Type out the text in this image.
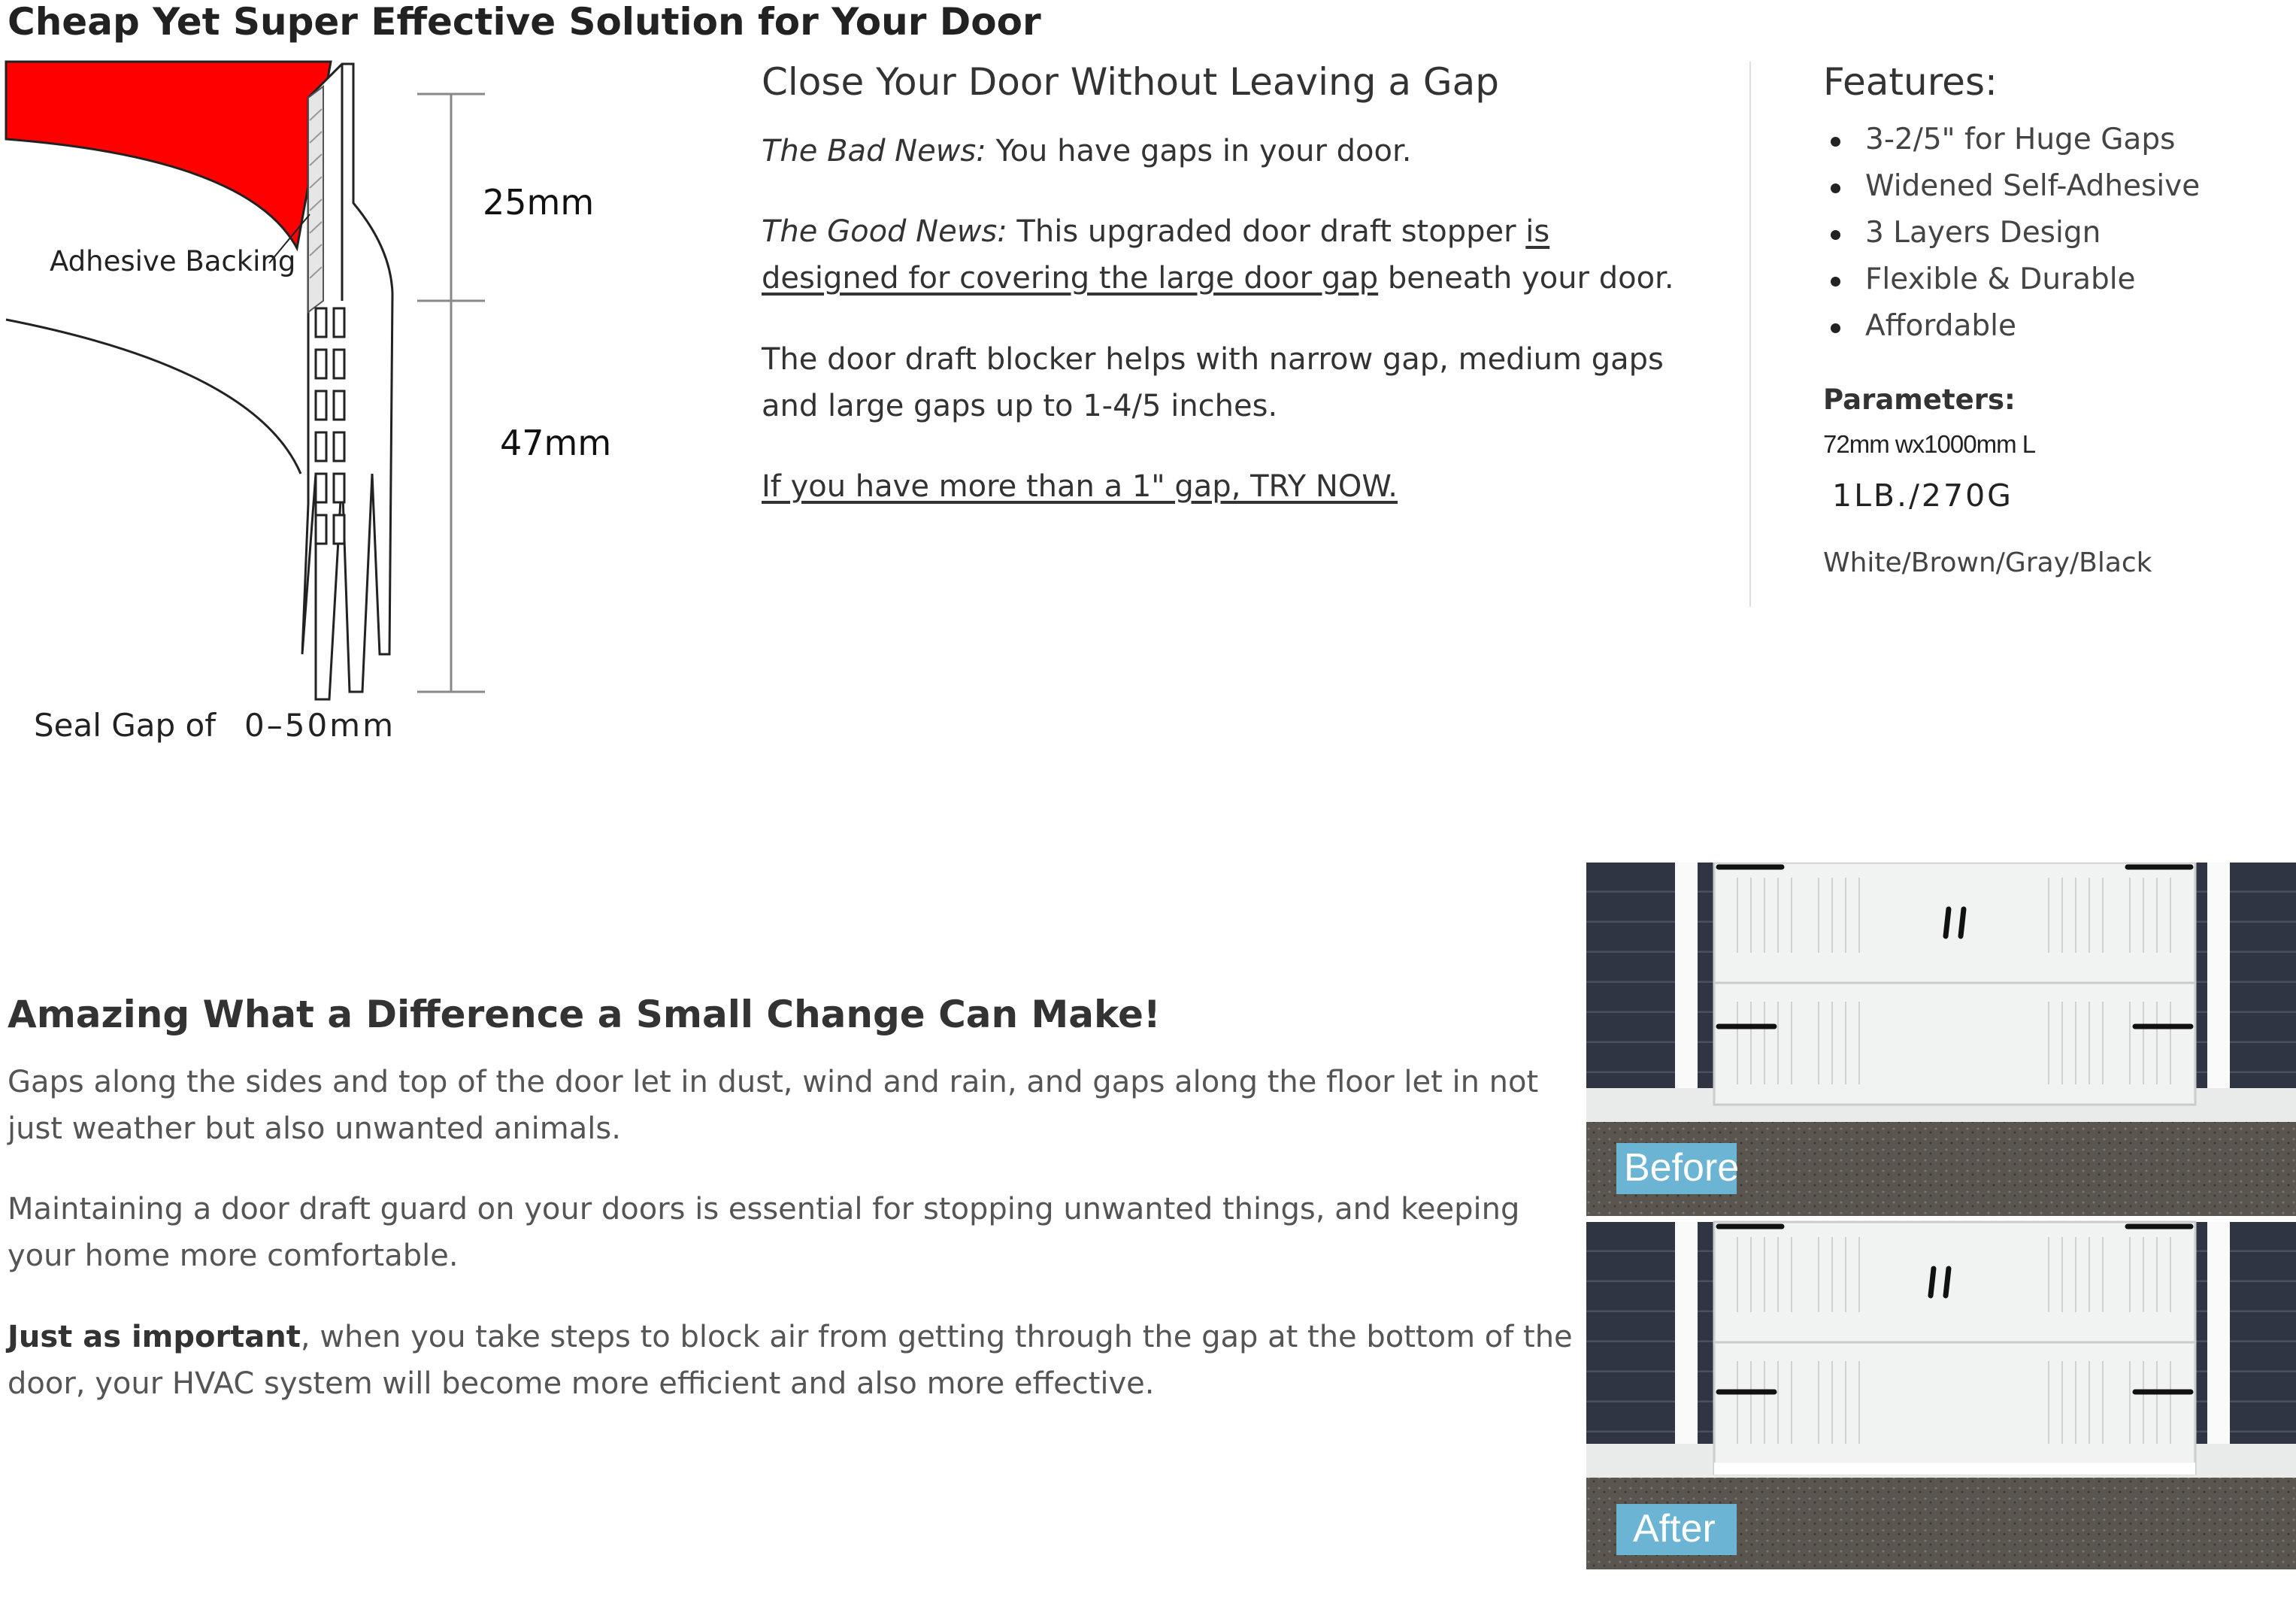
Cheap Yet Super Effective Solution for Your Door
Adhesive Backing
25mm
47mm
Seal Gap of 0–50mm
Close Your Door Without Leaving a Gap

The Bad News: You have gaps in your door.

The Good News: This upgraded door draft stopper is designed for covering the large door gap beneath your door.

The door draft blocker helps with narrow gap, medium gaps and large gaps up to 1-4/5 inches.

If you have more than a 1" gap, TRY NOW.

Features:
3-2/5" for Huge Gaps
Widened Self-Adhesive
3 Layers Design
Flexible & Durable
Affordable
Parameters:
72mm wx1000mm L
1LB./270G
White/Brown/Gray/Black
Amazing What a Difference a Small Change Can Make!
Gaps along the sides and top of the door let in dust, wind and rain, and gaps along the floor let in not just weather but also unwanted animals.
Maintaining a door draft guard on your doors is essential for stopping unwanted things, and keeping your home more comfortable.
Just as important, when you take steps to block air from getting through the gap at the bottom of the door, your HVAC system will become more efficient and also more effective.
Before
After
